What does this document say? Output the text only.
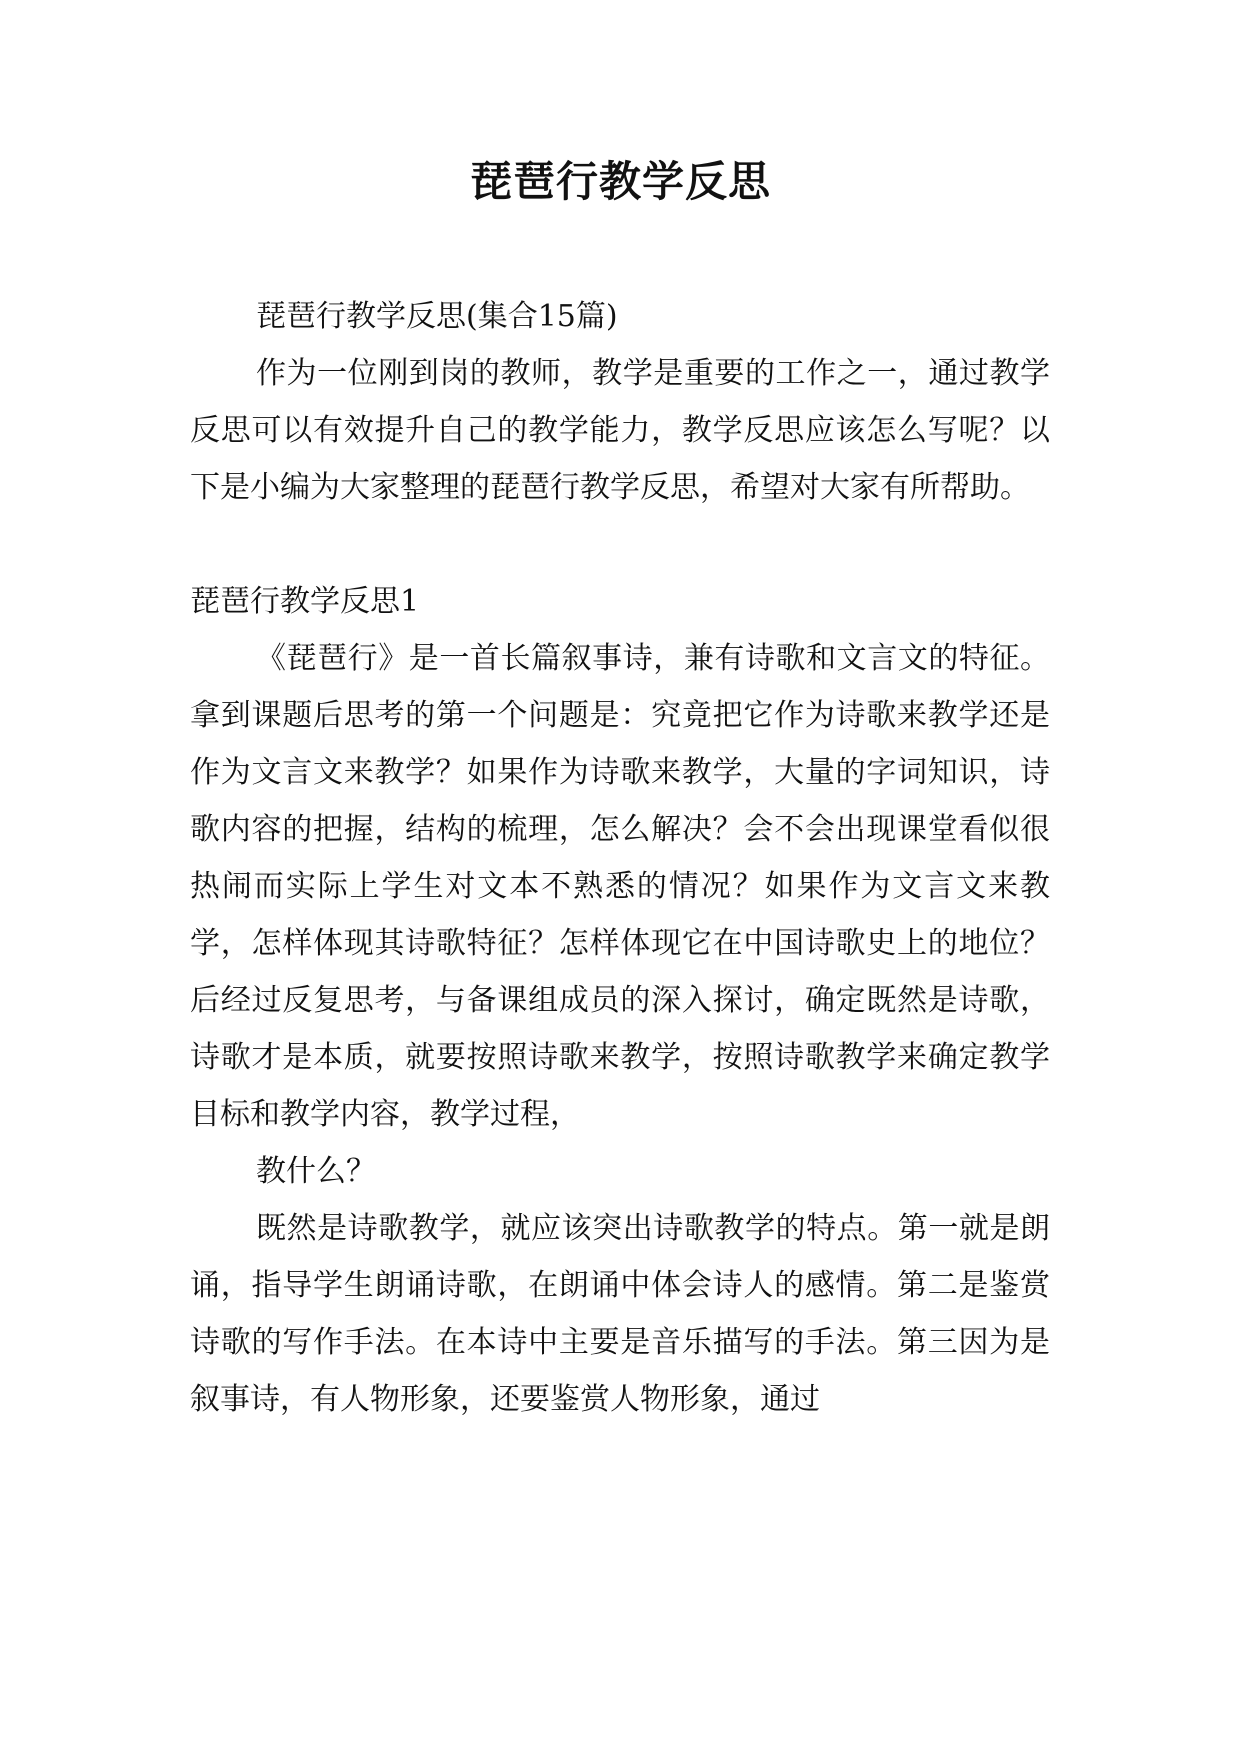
琵琶行教学反思

琵琶行教学反思(集合15篇)

作为一位刚到岗的教师，教学是重要的工作之一，通过教学反思可以有效提升自己的教学能力，教学反思应该怎么写呢？以下是小编为大家整理的琵琶行教学反思，希望对大家有所帮助。

琵琶行教学反思1

《琵琶行》是一首长篇叙事诗，兼有诗歌和文言文的特征。拿到课题后思考的第一个问题是：究竟把它作为诗歌来教学还是作为文言文来教学？如果作为诗歌来教学，大量的字词知识，诗歌内容的把握，结构的梳理，怎么解决？会不会出现课堂看似很热闹而实际上学生对文本不熟悉的情况？如果作为文言文来教学，怎样体现其诗歌特征？怎样体现它在中国诗歌史上的地位？后经过反复思考，与备课组成员的深入探讨，确定既然是诗歌，诗歌才是本质，就要按照诗歌来教学，按照诗歌教学来确定教学目标和教学内容，教学过程，

教什么？

既然是诗歌教学，就应该突出诗歌教学的特点。第一就是朗诵，指导学生朗诵诗歌，在朗诵中体会诗人的感情。第二是鉴赏诗歌的写作手法。在本诗中主要是音乐描写的手法。第三因为是叙事诗，有人物形象，还要鉴赏人物形象，通过
